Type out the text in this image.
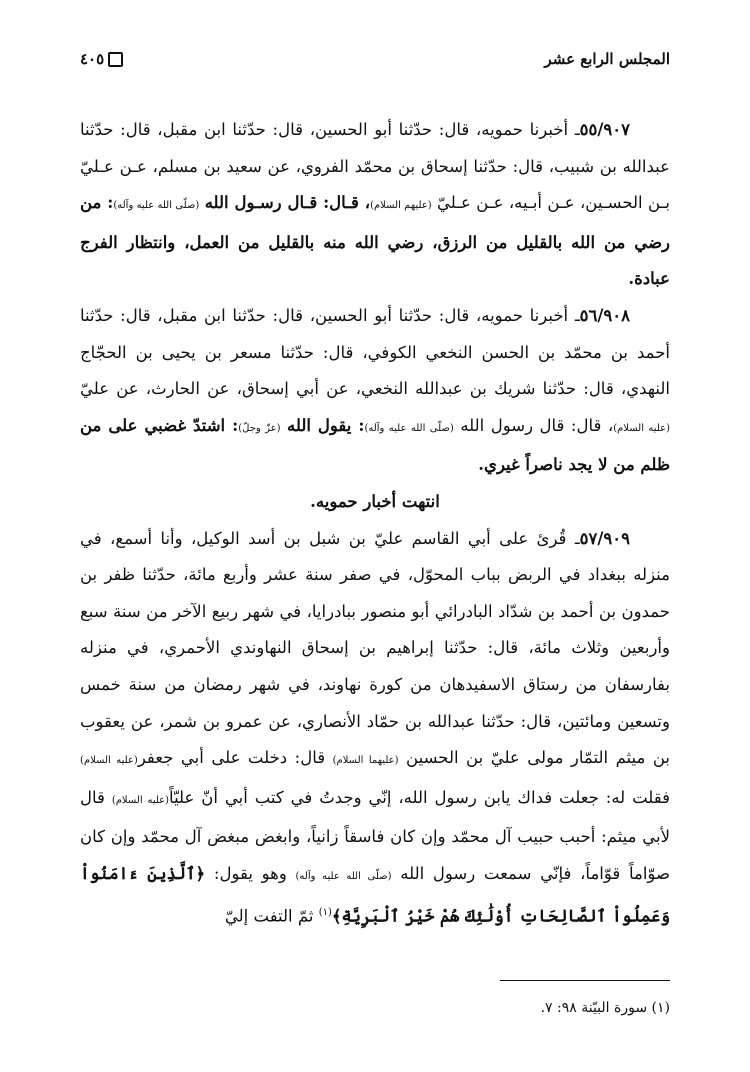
المجلس الرابع عشر
٤٠٥

٥٥/٩٠٧ـ أخبرنا حمويه، قال: حدّثنا أبو الحسين، قال: حدّثنا ابن مقبل، قال: حدّثنا عبدالله بن شبيب، قال: حدّثنا إسحاق بن محمّد الفروي، عن سعيد بن مسلم، عـن عـليّ بـن الحسـين، عـن أبـيه، عـن عـليّ (عليهم السلام)، قـال: قـال رسـول الله (صلّى الله عليه وآله): من رضي من الله بالقليل من الرزق، رضي الله منه بالقليل من العمل، وانتظار الفرج عبادة.

٥٦/٩٠٨ـ أخبرنا حمويه، قال: حدّثنا أبو الحسين، قال: حدّثنا ابن مقبل، قال: حدّثنا أحمد بن محمّد بن الحسن النخعي الكوفي، قال: حدّثنا مسعر بن يحيى بن الحجّاج النهدي، قال: حدّثنا شريك بن عبدالله النخعي، عن أبي إسحاق، عن الحارث، عن عليّ (عليه السلام)، قال: قال رسول الله (صلّى الله عليه وآله): يقول الله (عزّ وجلّ): اشتدّ غضبي على من ظلم من لا يجد ناصراً غيري.

انتهت أخبار حمويه.

٥٧/٩٠٩ـ قُرئ على أبي القاسم عليّ بن شبل بن أسد الوكيل، وأنا أسمع، في منزله ببغداد في الربض بباب المحوّل، في صفر سنة عشر وأربع مائة، حدّثنا ظفر بن حمدون بن أحمد بن شدّاد البادرائي أبو منصور ببادرايا، في شهر ربيع الآخر من سنة سبع وأربعين وثلاث مائة، قال: حدّثنا إبراهيم بن إسحاق النهاوندي الأحمري، في منزله بفارسفان من رستاق الاسفيدهان من كورة نهاوند، في شهر رمضان من سنة خمس وتسعين ومائتين، قال: حدّثنا عبدالله بن حمّاد الأنصاري، عن عمرو بن شمر، عن يعقوب بن ميثم التمّار مولى عليّ بن الحسين (عليهما السلام) قال: دخلت على أبي جعفر(عليه السلام) فقلت له: جعلت فداك يابن رسول الله، إنّي وجدتُ في كتب أبي أنّ عليّاً(عليه السلام) قال لأبي ميثم: أحبب حبيب آل محمّد وإن كان فاسقاً زانياً، وابغض مبغض آل محمّد وإن كان صوّاماً قوّاماً، فإنّي سمعت رسول الله (صلّى الله عليه وآله) وهو يقول: ﴿ٱلَّذِينَ ءَامَنُواْ وَعَمِلُواْ ٱلصَّالِحَاتِ أُوْلَٰئِكَ هُمْ خَيْرُ ٱلْبَرِيَّةِ﴾$^{(١)}$ ثمّ التفت إليّ

(١) سورة البيّنة ٩٨: ٧.
